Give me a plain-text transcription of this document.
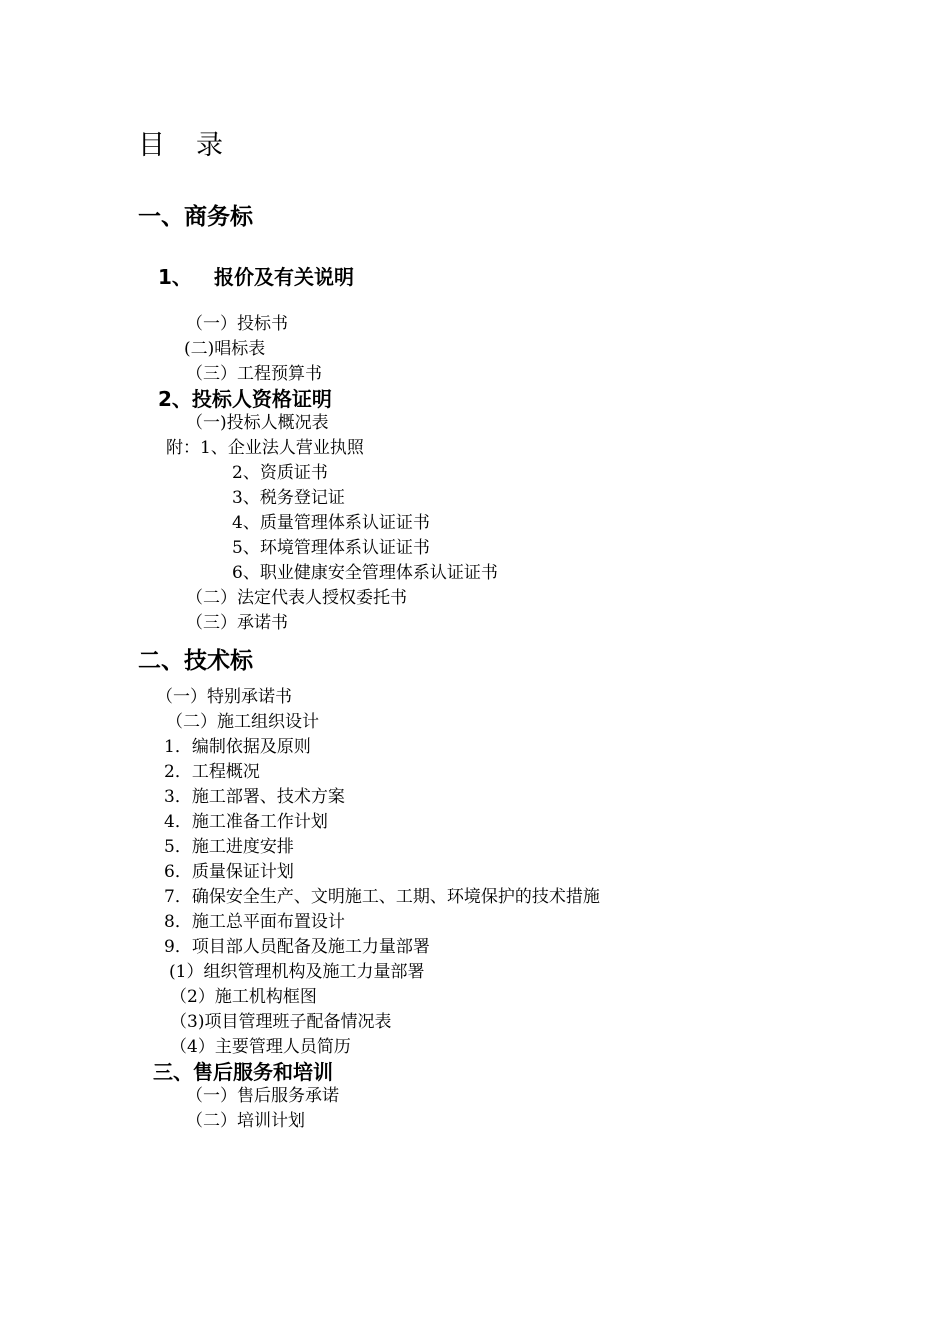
目　录
一、商务标
1、 报价及有关说明
（一）投标书
(二)唱标表
（三）工程预算书
2、投标人资格证明
（一)投标人概况表
附：1、企业法人营业执照
2、资质证书
3、税务登记证
4、质量管理体系认证证书
5、环境管理体系认证证书
6、职业健康安全管理体系认证证书
（二）法定代表人授权委托书
（三）承诺书
二、技术标
（一）特别承诺书
（二）施工组织设计
1．编制依据及原则
2．工程概况
3．施工部署、技术方案
4．施工准备工作计划
5．施工进度安排
6．质量保证计划
7．确保安全生产、文明施工、工期、环境保护的技术措施
8．施工总平面布置设计
9．项目部人员配备及施工力量部署
(1）组织管理机构及施工力量部署
（2）施工机构框图
（3)项目管理班子配备情况表
（4）主要管理人员简历
三、售后服务和培训
（一）售后服务承诺
（二）培训计划
